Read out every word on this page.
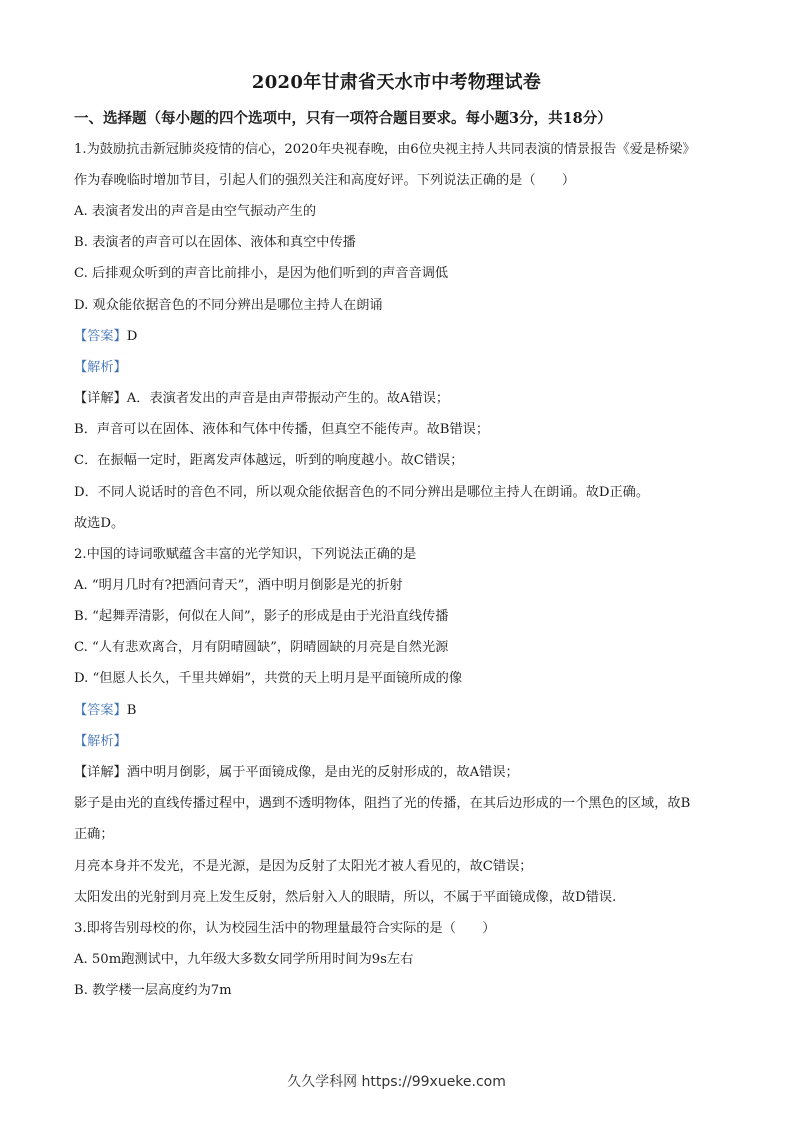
2020年甘肃省天水市中考物理试卷
一、选择题（每小题的四个选项中，只有一项符合题目要求。每小题3分，共18分）
1.为鼓励抗击新冠肺炎疫情的信心，2020年央视春晚，由6位央视主持人共同表演的情景报告《爱是桥梁》
作为春晚临时增加节目，引起人们的强烈关注和高度好评。下列说法正确的是（　　）
A. 表演者发出的声音是由空气振动产生的
B. 表演者的声音可以在固体、液体和真空中传播
C. 后排观众听到的声音比前排小，是因为他们听到的声音音调低
D. 观众能依据音色的不同分辨出是哪位主持人在朗诵
【答案】D
【解析】
【详解】A．表演者发出的声音是由声带振动产生的。故A错误；
B．声音可以在固体、液体和气体中传播，但真空不能传声。故B错误；
C．在振幅一定时，距离发声体越远，听到的响度越小。故C错误；
D．不同人说话时的音色不同，所以观众能依据音色的不同分辨出是哪位主持人在朗诵。故D正确。
故选D。
2.中国的诗词歌赋蕴含丰富的光学知识，下列说法正确的是
A. “明月几时有?把酒问青天”，酒中明月倒影是光的折射
B. “起舞弄清影，何似在人间”，影子的形成是由于光沿直线传播
C. “人有悲欢离合，月有阴晴圆缺”，阴晴圆缺的月亮是自然光源
D. “但愿人长久，千里共婵娟”，共赏的天上明月是平面镜所成的像
【答案】B
【解析】
【详解】酒中明月倒影，属于平面镜成像，是由光的反射形成的，故A错误；
影子是由光的直线传播过程中，遇到不透明物体，阻挡了光的传播，在其后边形成的一个黑色的区域，故B
正确；
月亮本身并不发光，不是光源，是因为反射了太阳光才被人看见的，故C错误；
太阳发出的光射到月亮上发生反射，然后射入人的眼睛，所以，不属于平面镜成像，故D错误.
3.即将告别母校的你，认为校园生活中的物理量最符合实际的是（　　）
A. 50m跑测试中，九年级大多数女同学所用时间为9s左右
B. 教学楼一层高度约为7m
久久学科网 https://99xueke.com
